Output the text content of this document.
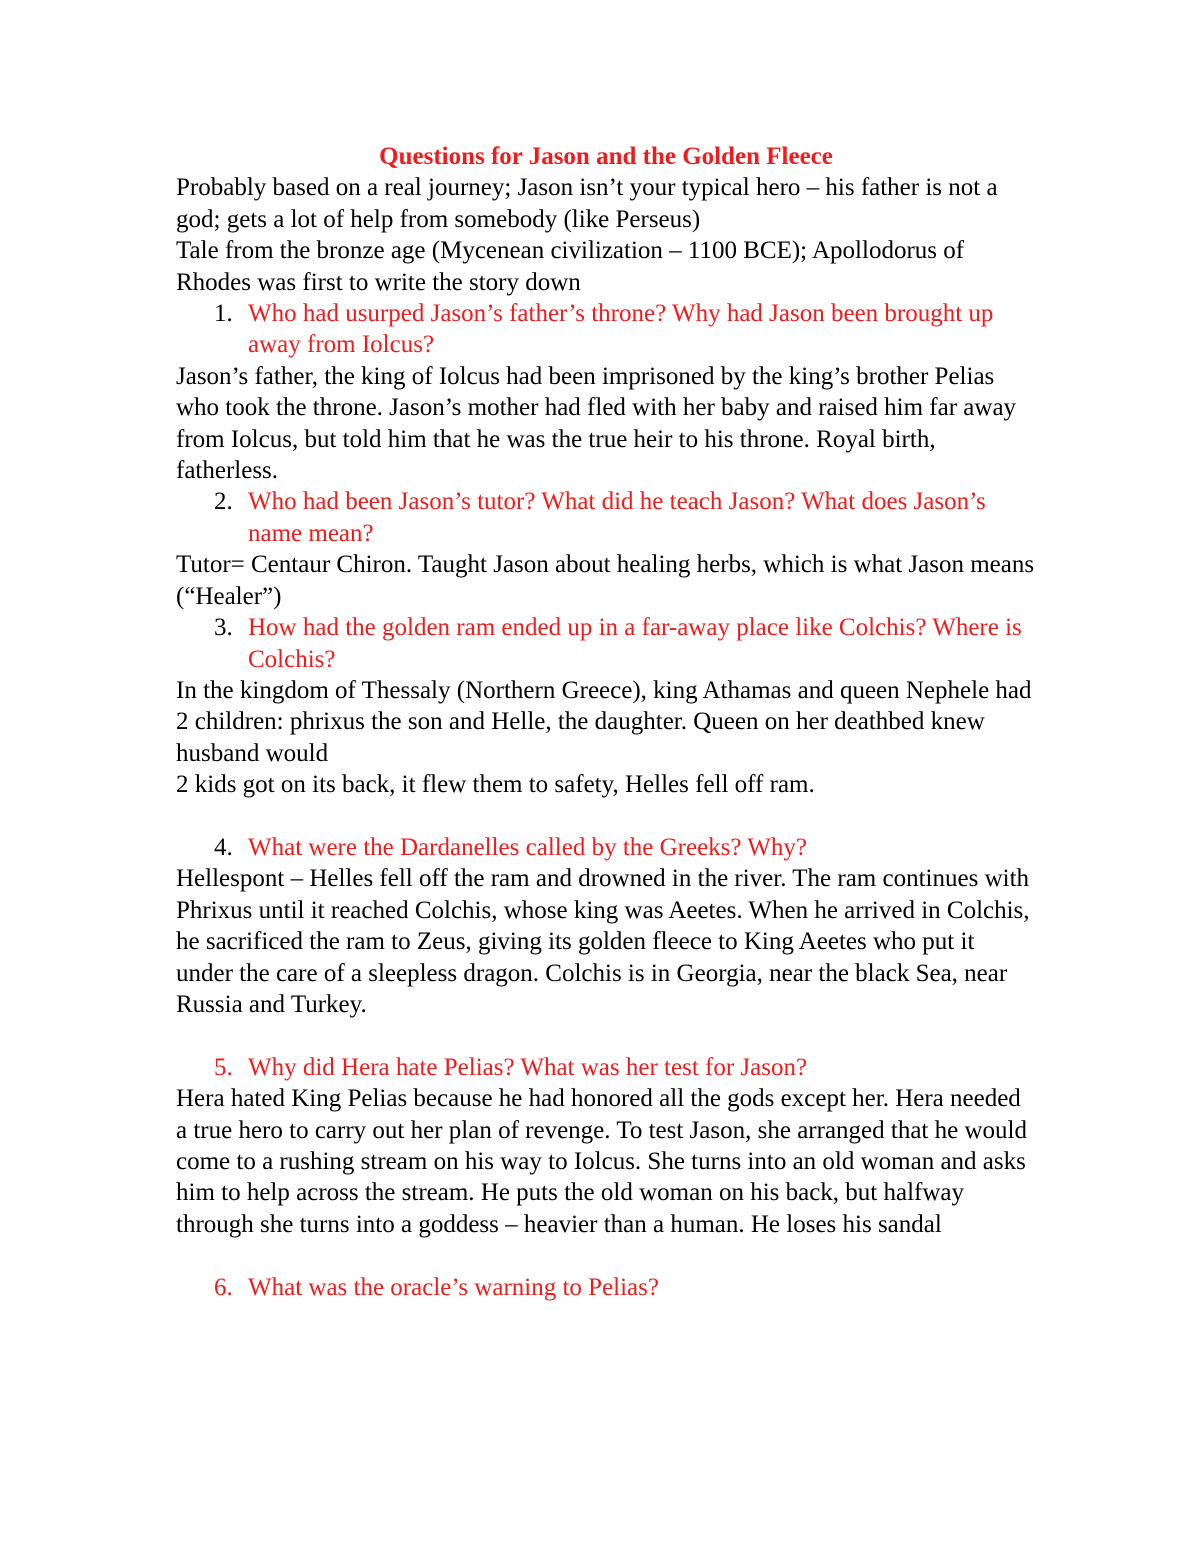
Questions for Jason and the Golden Fleece

Probably based on a real journey; Jason isn’t your typical hero – his father is not a god; gets a lot of help from somebody (like Perseus)

Tale from the bronze age (Mycenean civilization – 1100 BCE); Apollodorus of Rhodes was first to write the story down

1. Who had usurped Jason’s father’s throne? Why had Jason been brought up away from Iolcus?

Jason’s father, the king of Iolcus had been imprisoned by the king’s brother Pelias who took the throne. Jason’s mother had fled with her baby and raised him far away from Iolcus, but told him that he was the true heir to his throne. Royal birth, fatherless.

2. Who had been Jason’s tutor? What did he teach Jason? What does Jason’s name mean?

Tutor= Centaur Chiron. Taught Jason about healing herbs, which is what Jason means (“Healer”)

3. How had the golden ram ended up in a far-away place like Colchis? Where is Colchis?

In the kingdom of Thessaly (Northern Greece), king Athamas and queen Nephele had 2 children: phrixus the son and Helle, the daughter. Queen on her deathbed knew husband would

2 kids got on its back, it flew them to safety, Helles fell off ram.

4. What were the Dardanelles called by the Greeks? Why?

Hellespont – Helles fell off the ram and drowned in the river. The ram continues with Phrixus until it reached Colchis, whose king was Aeetes. When he arrived in Colchis, he sacrificed the ram to Zeus, giving its golden fleece to King Aeetes who put it under the care of a sleepless dragon. Colchis is in Georgia, near the black Sea, near Russia and Turkey.

5. Why did Hera hate Pelias? What was her test for Jason?

Hera hated King Pelias because he had honored all the gods except her. Hera needed a true hero to carry out her plan of revenge. To test Jason, she arranged that he would come to a rushing stream on his way to Iolcus. She turns into an old woman and asks him to help across the stream. He puts the old woman on his back, but halfway through she turns into a goddess – heavier than a human. He loses his sandal

6. What was the oracle’s warning to Pelias?
